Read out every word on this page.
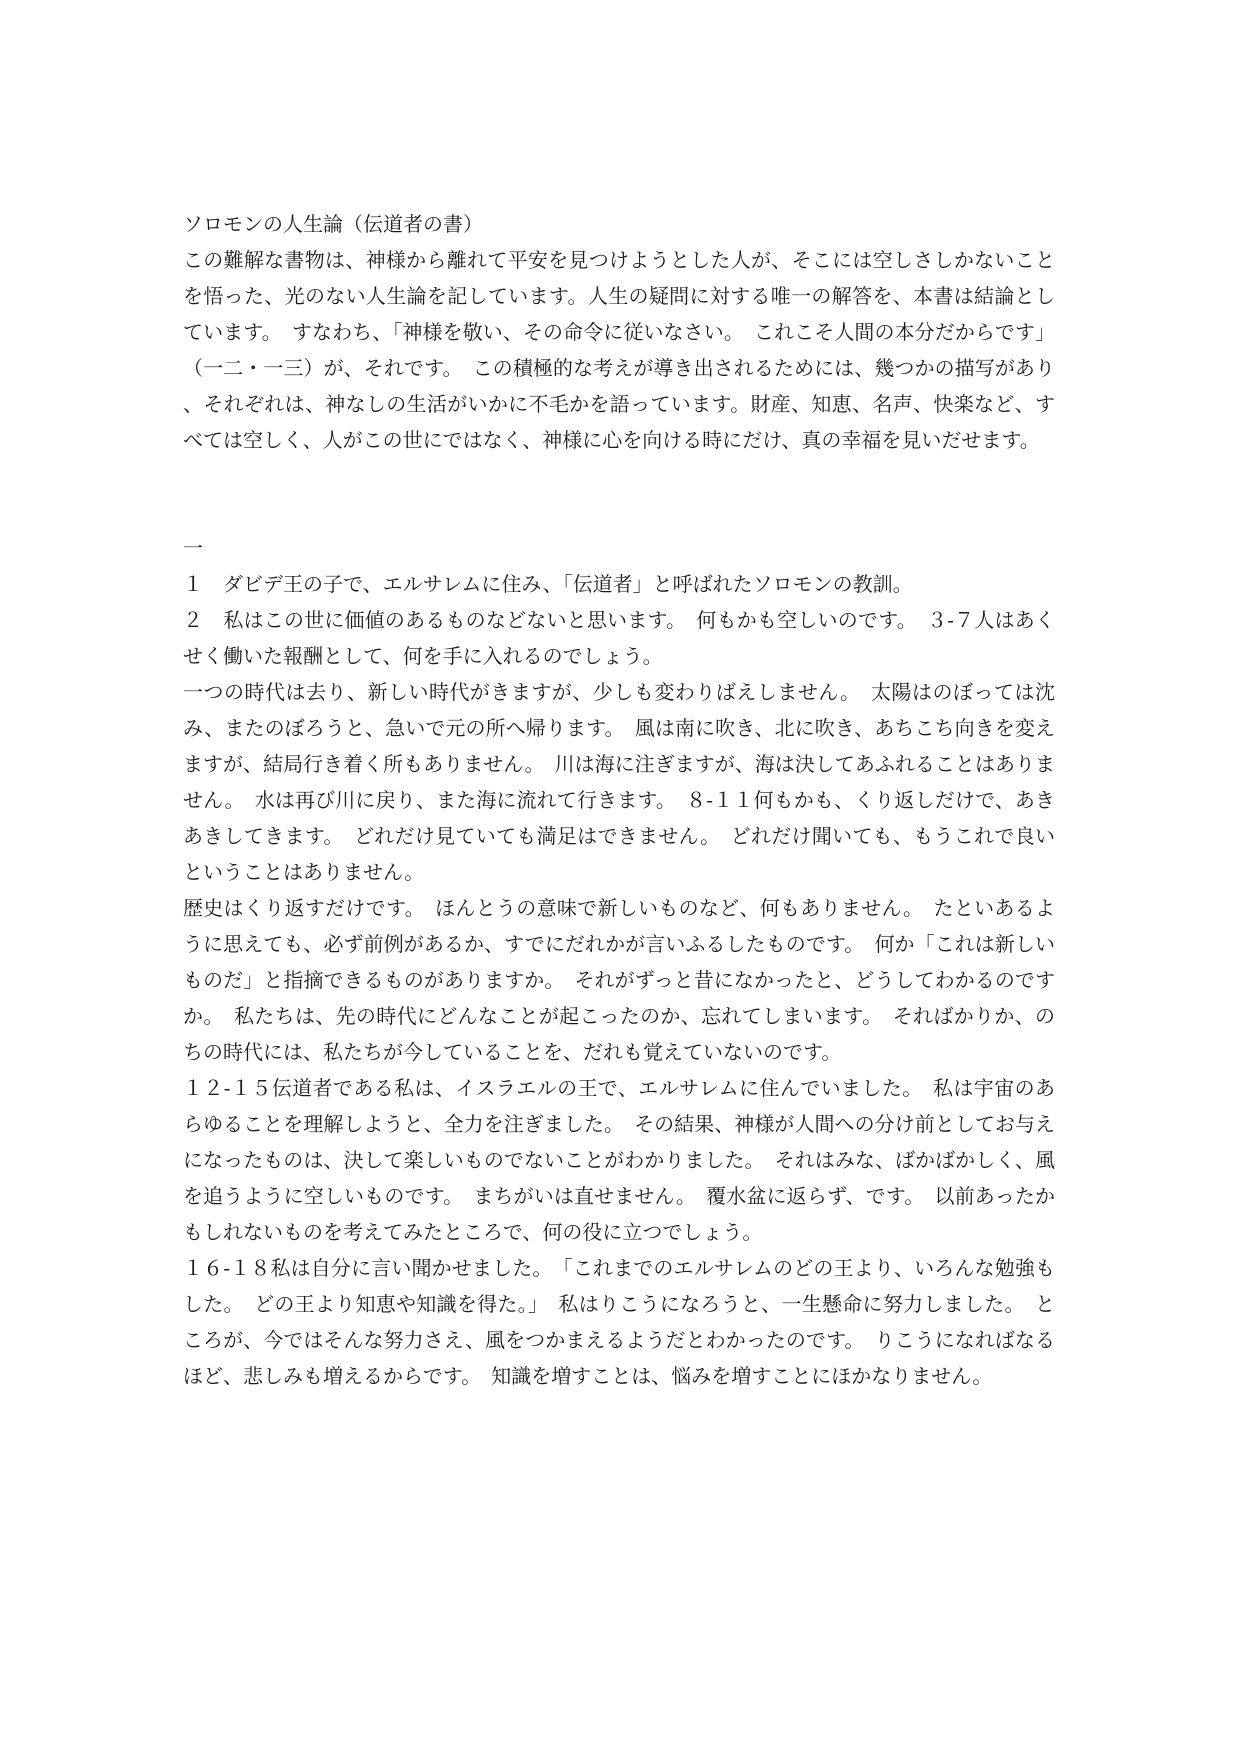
ソロモンの人生論（伝道者の書）

この難解な書物は、神様から離れて平安を見つけようとした人が、そこには空しさしかないことを悟った、光のない人生論を記しています。人生の疑問に対する唯一の解答を、本書は結論としています。　すなわち、「神様を敬い、その命令に従いなさい。　これこそ人間の本分だからです」（一二・一三）が、それです。　この積極的な考えが導き出されるためには、幾つかの描写があり、それぞれは、神なしの生活がいかに不毛かを語っています。財産、知恵、名声、快楽など、すべては空しく、人がこの世にではなく、神様に心を向ける時にだけ、真の幸福を見いだせます。

一

１　ダビデ王の子で、エルサレムに住み、「伝道者」と呼ばれたソロモンの教訓。

２　私はこの世に価値のあるものなどないと思います。　何もかも空しいのです。　３‐７人はあくせく働いた報酬として、何を手に入れるのでしょう。

一つの時代は去り、新しい時代がきますが、少しも変わりばえしません。　太陽はのぼっては沈み、またのぼろうと、急いで元の所へ帰ります。　風は南に吹き、北に吹き、あちこち向きを変えますが、結局行き着く所もありません。　川は海に注ぎますが、海は決してあふれることはありません。　水は再び川に戻り、また海に流れて行きます。　８‐１１何もかも、くり返しだけで、あきあきしてきます。　どれだけ見ていても満足はできません。　どれだけ聞いても、もうこれで良いということはありません。

歴史はくり返すだけです。　ほんとうの意味で新しいものなど、何もありません。　たといあるように思えても、必ず前例があるか、すでにだれかが言いふるしたものです。　何か「これは新しいものだ」と指摘できるものがありますか。　それがずっと昔になかったと、どうしてわかるのですか。　私たちは、先の時代にどんなことが起こったのか、忘れてしまいます。　そればかりか、のちの時代には、私たちが今していることを、だれも覚えていないのです。

１２‐１５伝道者である私は、イスラエルの王で、エルサレムに住んでいました。　私は宇宙のあらゆることを理解しようと、全力を注ぎました。　その結果、神様が人間への分け前としてお与えになったものは、決して楽しいものでないことがわかりました。　それはみな、ばかばかしく、風を追うように空しいものです。　まちがいは直せません。　覆水盆に返らず、です。　以前あったかもしれないものを考えてみたところで、何の役に立つでしょう。

１６‐１８私は自分に言い聞かせました。　「これまでのエルサレムのどの王より、いろんな勉強もした。　どの王より知恵や知識を得た。」　私はりこうになろうと、一生懸命に努力しました。　ところが、今ではそんな努力さえ、風をつかまえるようだとわかったのです。　りこうになればなるほど、悲しみも増えるからです。　知識を増すことは、悩みを増すことにほかなりません。
